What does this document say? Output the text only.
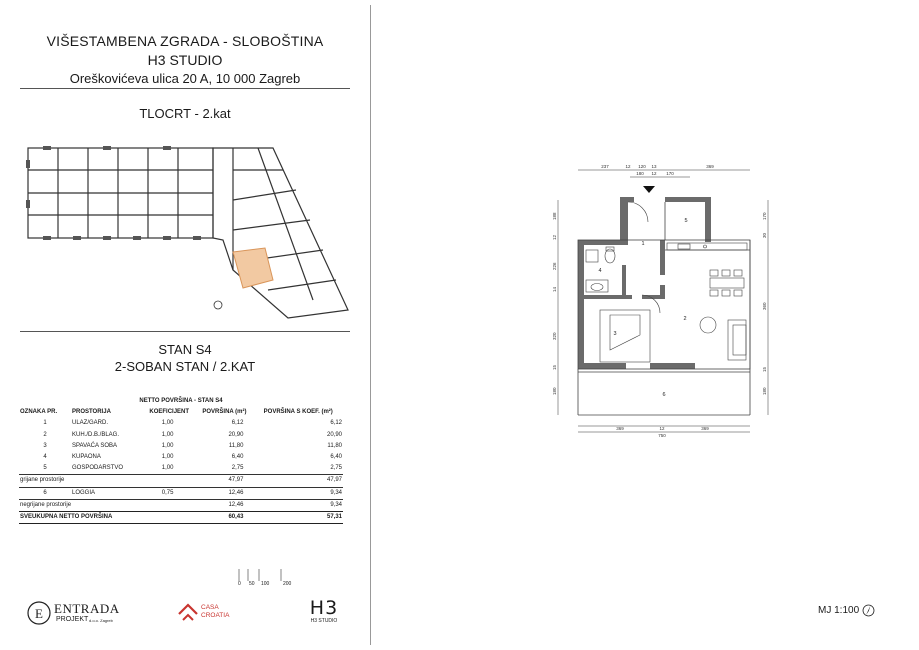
VIŠESTAMBENA ZGRADA - SLOBOŠTINA
H3 STUDIO
Oreškovićeva ulica 20 A, 10 000 Zagreb
TLOCRT - 2.kat
STAN S4
2-SOBAN STAN / 2.KAT
NETTO POVRŠINA - STAN S4				
OZNAKA PR.	PROSTORIJA	KOEFICIJENT	POVRŠINA (m²)	POVRŠINA S KOEF. (m²)
1	ULAZ/GARD.	1,00	6,12	6,12
2	KUH./D.B./BLAG.	1,00	20,90	20,90
3	SPAVAĆA SOBA	1,00	11,80	11,80
4	KUPAONA	1,00	6,40	6,40
5	GOSPODARSTVO	1,00	2,75	2,75
grijane prostorije			47,97	47,97
6	LOGGIA	0,75	12,46	9,34
negrijane prostorije			12,46	9,34
SVEUKUPNA NETTO POVRŠINA			60,43	57,31
0 50 100	200
E ENTRADA
PROJEKT d.o.o. Zagreb
CASA
CROATIA	H3
H3 STUDIO
237	12 120 13	369
180 12 170
369	12	369
750
188
12
226
14
320
15
180
170
30
360
15
180
1
2
3
4
5
6
MJ 1:100
